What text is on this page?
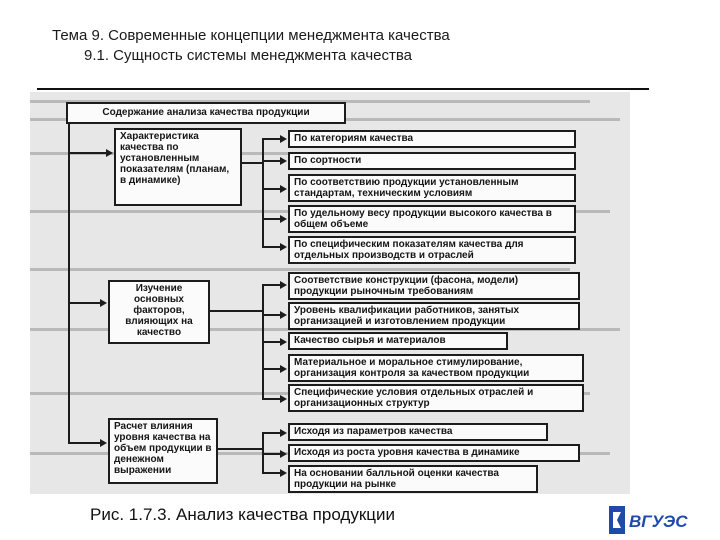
Тема 9. Современные концепции менеджмента качества
9.1. Сущность системы менеджмента качества
Содержание анализа качества продукции
Характеристика качества по установленным показателям (планам, в динамике)
По категориям качества
По сортности
По соответствию продукции установленным стандартам, техническим условиям
По удельному весу продукции высокого качества в общем объеме
По специфическим показателям качества для отдельных производств и отраслей
Изучение основных факторов, влияющих на качество
Соответствие конструкции (фасона, модели) продукции рыночным требованиям
Уровень квалификации работников, занятых организацией и изготовлением продукции
Качество сырья и материалов
Материальное и моральное стимулирование, организация контроля за качеством продукции
Специфические условия отдельных отраслей и организационных структур
Расчет влияния уровня качества на объем продукции в денежном выражении
Исходя из параметров качества
Исходя из роста уровня качества в динамике
На основании балльной оценки качества продукции на рынке
Рис. 1.7.3. Анализ качества продукции	ВГУЭС
